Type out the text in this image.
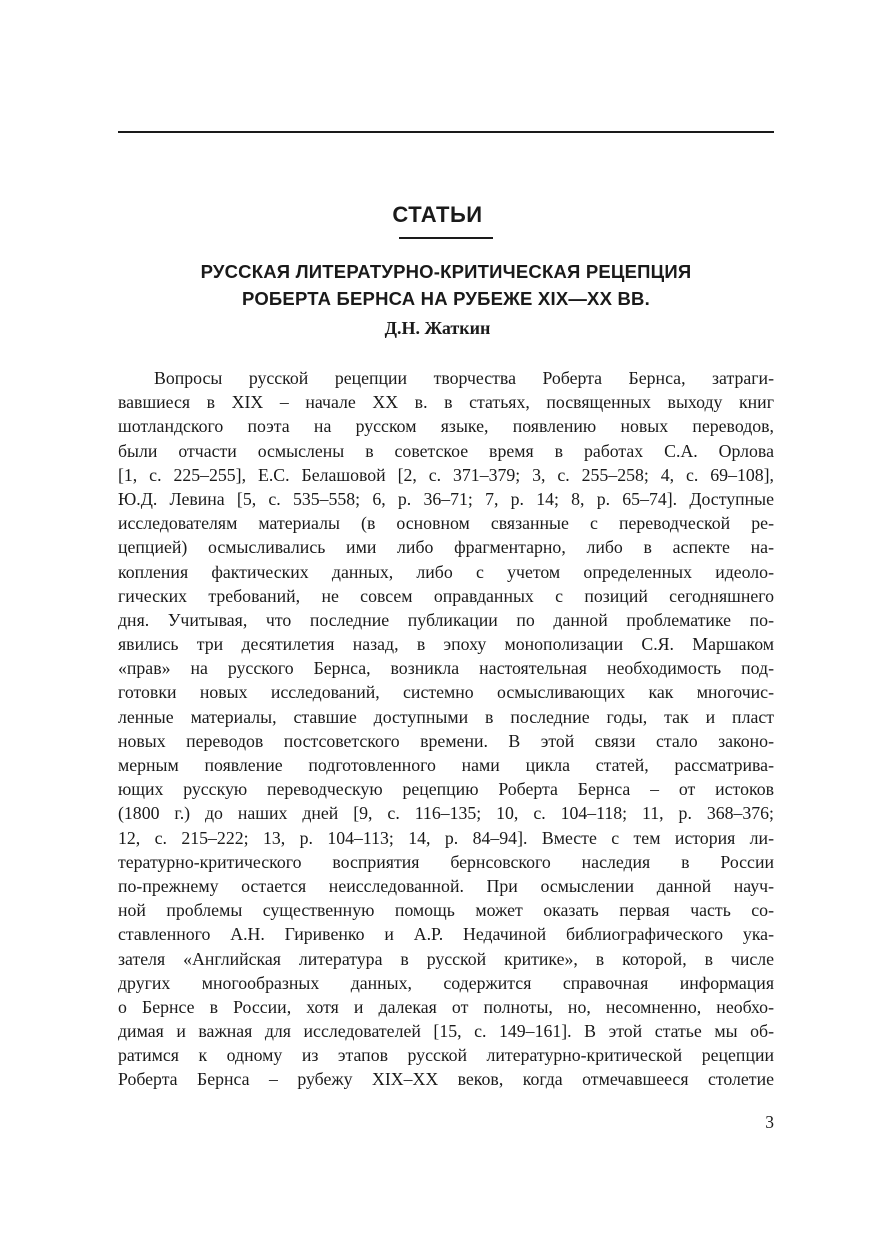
СТАТЬИ
РУССКАЯ ЛИТЕРАТУРНО-КРИТИЧЕСКАЯ РЕЦЕПЦИЯ
РОБЕРТА БЕРНСА НА РУБЕЖЕ XIX—XX ВВ.
Д.Н. Жаткин
Вопросы русской рецепции творчества Роберта Бернса, затраги-
вавшиеся в XIX – начале XX в. в статьях, посвященных выходу книг
шотландского поэта на русском языке, появлению новых переводов,
были отчасти осмыслены в советское время в работах С.А. Орлова
[1, с. 225–255], Е.С. Белашовой [2, с. 371–379; 3, с. 255–258; 4, с. 69–108],
Ю.Д. Левина [5, с. 535–558; 6, р. 36–71; 7, р. 14; 8, р. 65–74]. Доступные
исследователям материалы (в основном связанные с переводческой ре-
цепцией) осмысливались ими либо фрагментарно, либо в аспекте на-
копления фактических данных, либо с учетом определенных идеоло-
гических требований, не совсем оправданных с позиций сегодняшнего
дня. Учитывая, что последние публикации по данной проблематике по-
явились три десятилетия назад, в эпоху монополизации С.Я. Маршаком
«прав» на русского Бернса, возникла настоятельная необходимость под-
готовки новых исследований, системно осмысливающих как многочис-
ленные материалы, ставшие доступными в последние годы, так и пласт
новых переводов постсоветского времени. В этой связи стало законо-
мерным появление подготовленного нами цикла статей, рассматрива-
ющих русскую переводческую рецепцию Роберта Бернса – от истоков
(1800 г.) до наших дней [9, с. 116–135; 10, с. 104–118; 11, р. 368–376;
12, с. 215–222; 13, р. 104–113; 14, р. 84–94]. Вместе с тем история ли-
тературно-критического восприятия бернсовского наследия в России
по-прежнему остается неисследованной. При осмыслении данной науч-
ной проблемы существенную помощь может оказать первая часть со-
ставленного А.Н. Гиривенко и А.Р. Недачиной библиографического ука-
зателя «Английская литература в русской критике», в которой, в числе
других многообразных данных, содержится справочная информация
о Бернсе в России, хотя и далекая от полноты, но, несомненно, необхо-
димая и важная для исследователей [15, с. 149–161]. В этой статье мы об-
ратимся к одному из этапов русской литературно-критической рецепции
Роберта Бернса – рубежу XIX–XX веков, когда отмечавшееся столетие
3
